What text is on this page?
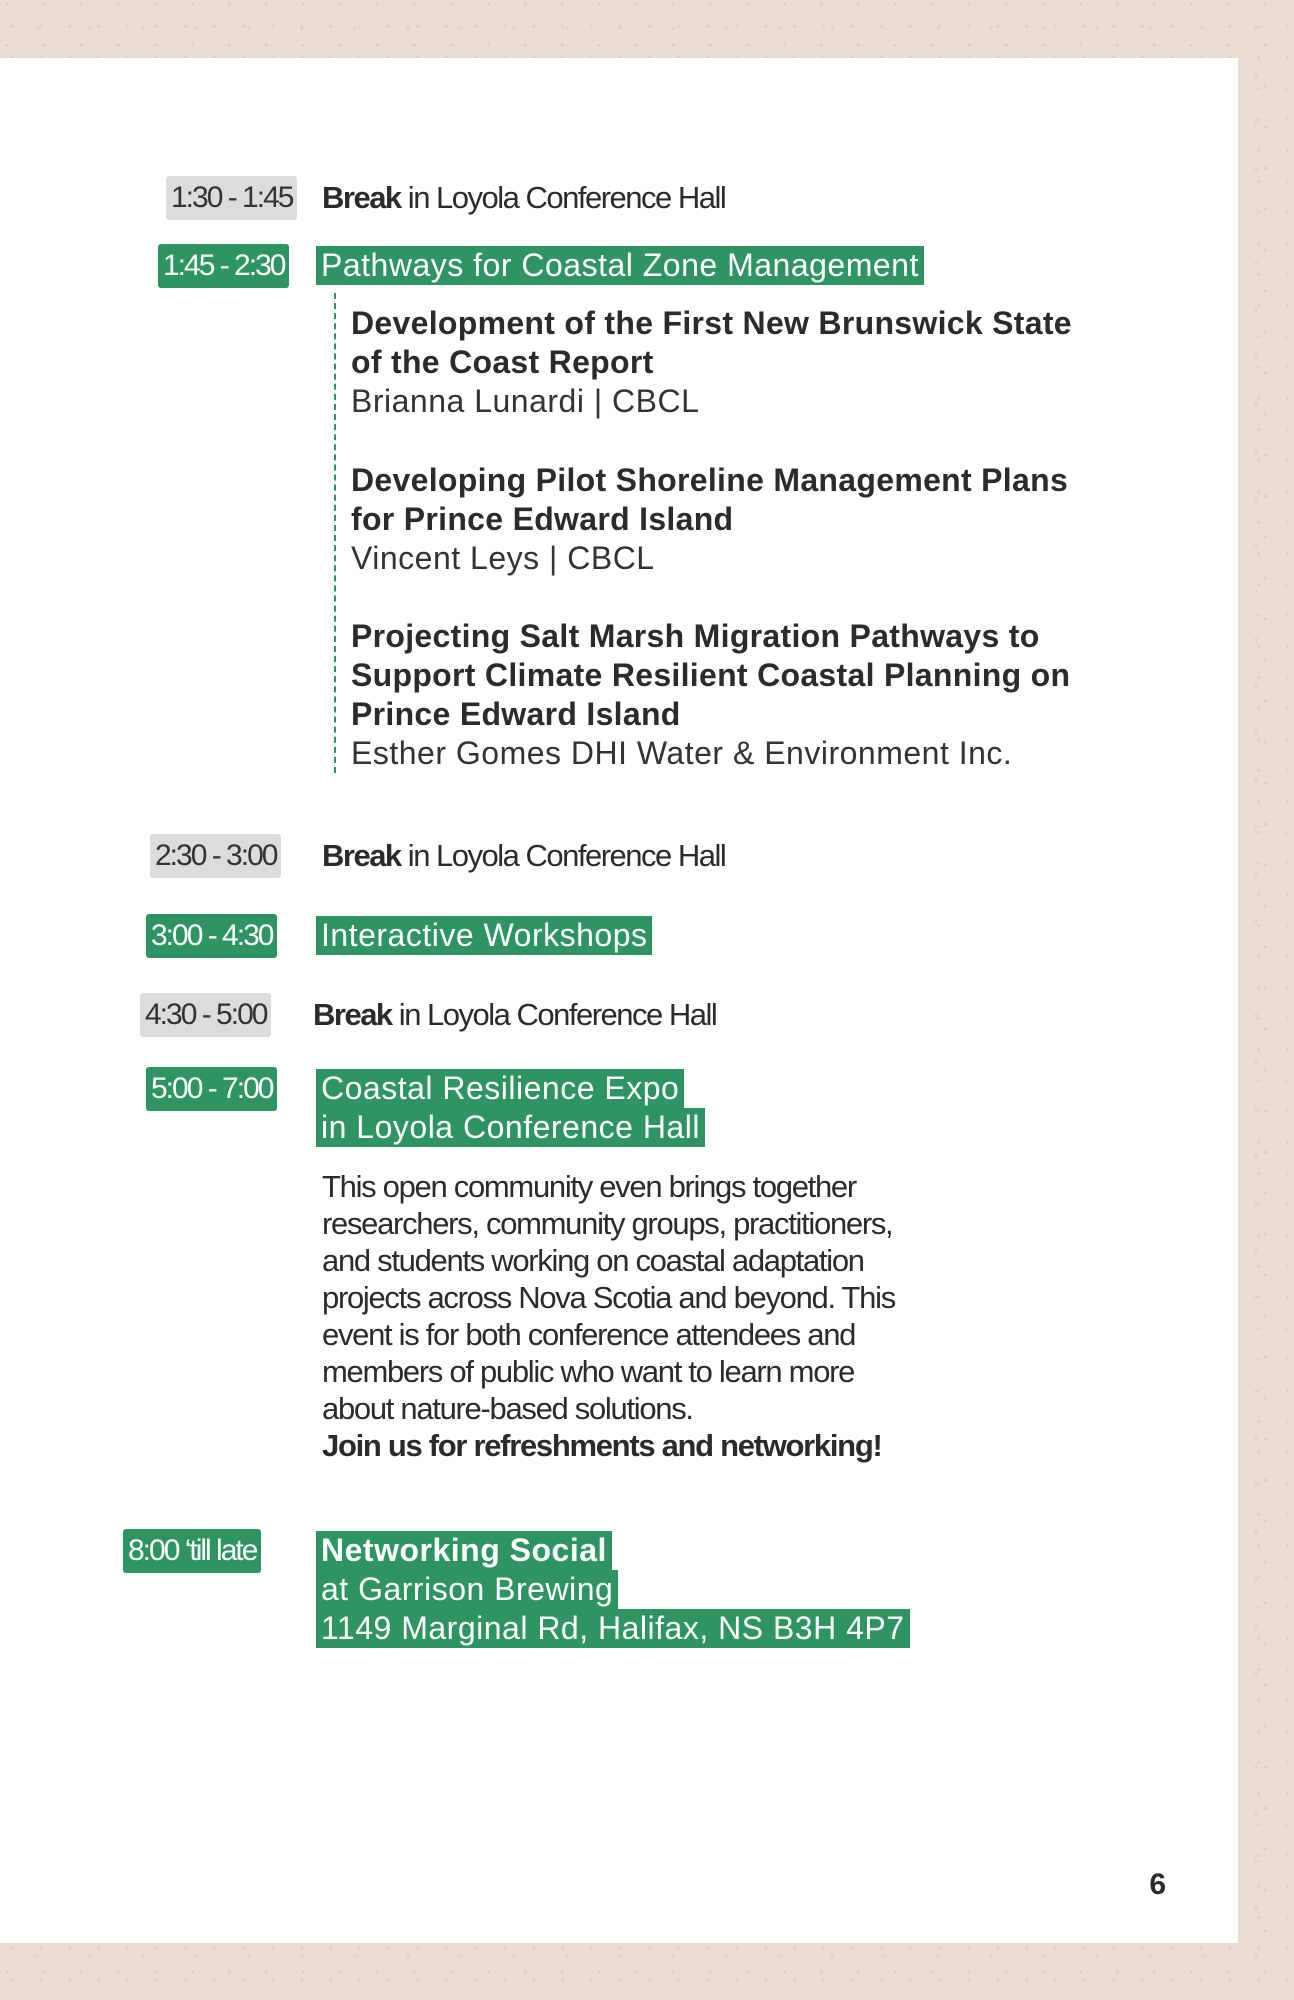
1:30 - 1:45 Break in Loyola Conference Hall
1:45 - 2:30 Pathways for Coastal Zone Management
Development of the First New Brunswick State
of the Coast Report
Brianna Lunardi | CBCL
Developing Pilot Shoreline Management Plans
for Prince Edward Island
Vincent Leys | CBCL
Projecting Salt Marsh Migration Pathways to
Support Climate Resilient Coastal Planning on
Prince Edward Island
Esther Gomes DHI Water & Environment Inc.
2:30 - 3:00 Break in Loyola Conference Hall
3:00 - 4:30 Interactive Workshops
4:30 - 5:00 Break in Loyola Conference Hall
5:00 - 7:00 Coastal Resilience Expo
in Loyola Conference Hall
This open community even brings together
researchers, community groups, practitioners,
and students working on coastal adaptation
projects across Nova Scotia and beyond. This
event is for both conference attendees and
members of public who want to learn more
about nature-based solutions.
Join us for refreshments and networking!
8:00 ‘till late Networking Social
at Garrison Brewing
1149 Marginal Rd, Halifax, NS B3H 4P7
6
